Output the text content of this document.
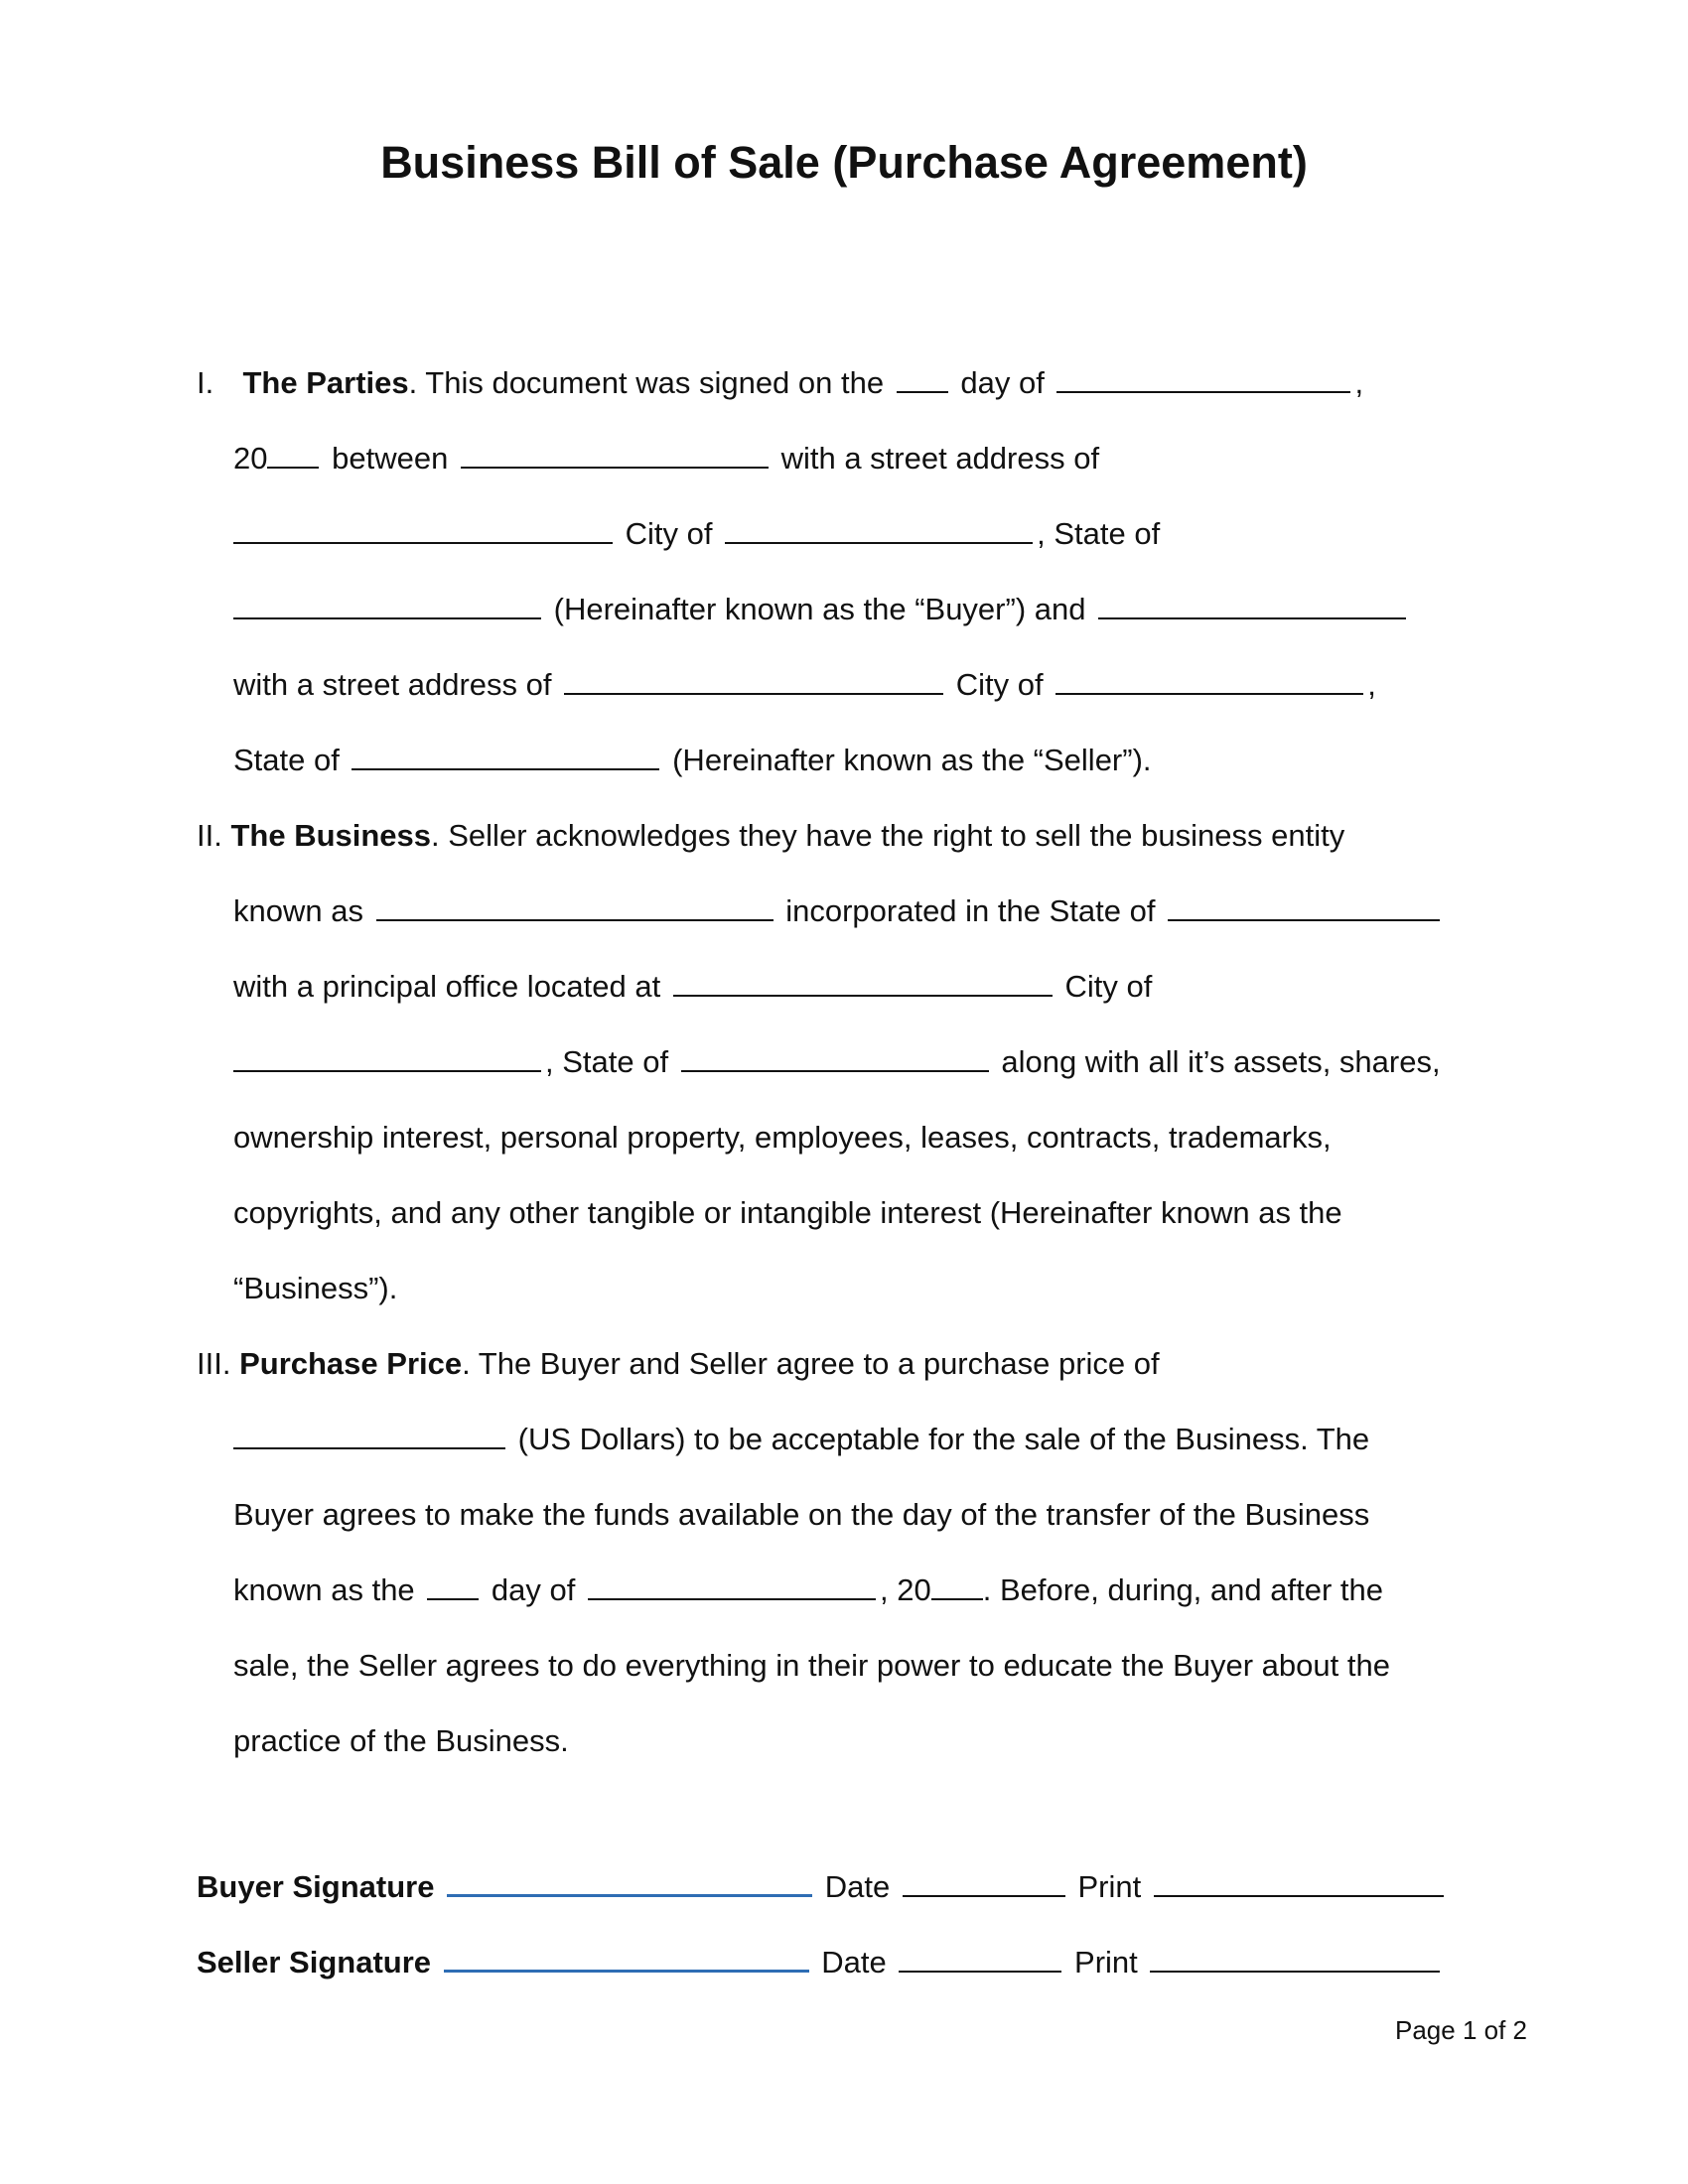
Business Bill of Sale (Purchase Agreement)
I. The Parties. This document was signed on the day of	,
20 between	with a street address of
City of	, State of
(Hereinafter known as the “Buyer”) and
with a street address of	City of	,
State of	(Hereinafter known as the “Seller”).
II. The Business. Seller acknowledges they have the right to sell the business entity
known as	incorporated in the State of
with a principal office located at	City of
, State of	along with all it’s assets, shares,
ownership interest, personal property, employees, leases, contracts, trademarks,
copyrights, and any other tangible or intangible interest (Hereinafter known as the
“Business”).
III. Purchase Price. The Buyer and Seller agree to a purchase price of
(US Dollars) to be acceptable for the sale of the Business. The
Buyer agrees to make the funds available on the day of the transfer of the Business
known as the day of	, 20 . Before, during, and after the
sale, the Seller agrees to do everything in their power to educate the Buyer about the
practice of the Business.
Buyer Signature	Date	Print
Seller Signature	Date	Print
Page 1 of 2
